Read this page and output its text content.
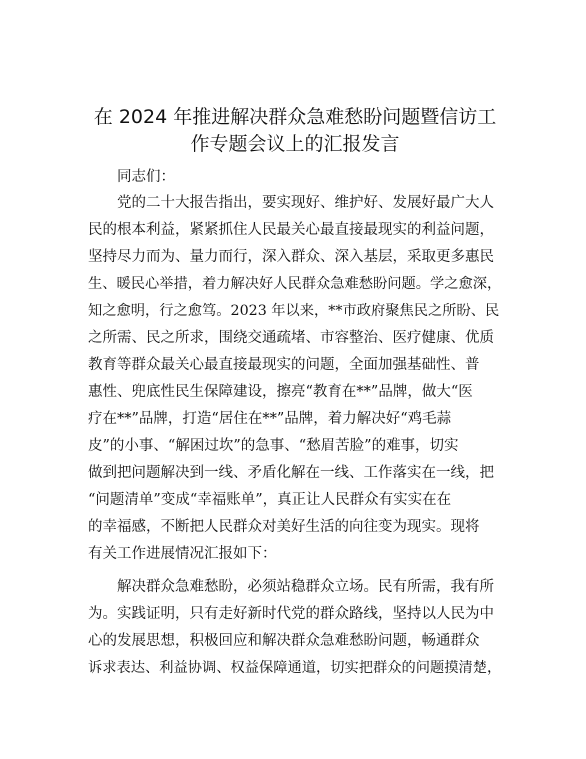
在 2024 年推进解决群众急难愁盼问题暨信访工
作专题会议上的汇报发言
同志们：
党的二十大报告指出，要实现好、维护好、发展好最广大人
民的根本利益，紧紧抓住人民最关心最直接最现实的利益问题，
坚持尽力而为、量力而行，深入群众、深入基层，采取更多惠民
生、暖民心举措，着力解决好人民群众急难愁盼问题。学之愈深，
知之愈明，行之愈笃。2023 年以来，**市政府聚焦民之所盼、民
之所需、民之所求，围绕交通疏堵、市容整治、医疗健康、优质
教育等群众最关心最直接最现实的问题，全面加强基础性、普
惠性、兜底性民生保障建设，擦亮“教育在**”品牌，做大“医
疗在**”品牌，打造“居住在**”品牌，着力解决好“鸡毛蒜
皮”的小事、“解困过坎”的急事、“愁眉苦脸”的难事，切实
做到把问题解决到一线、矛盾化解在一线、工作落实在一线，把
“问题清单”变成“幸福账单”，真正让人民群众有实实在在
的幸福感，不断把人民群众对美好生活的向往变为现实。现将
有关工作进展情况汇报如下：
解决群众急难愁盼，必须站稳群众立场。民有所需，我有所
为。实践证明，只有走好新时代党的群众路线，坚持以人民为中
心的发展思想，积极回应和解决群众急难愁盼问题，畅通群众
诉求表达、利益协调、权益保障通道，切实把群众的问题摸清楚，
